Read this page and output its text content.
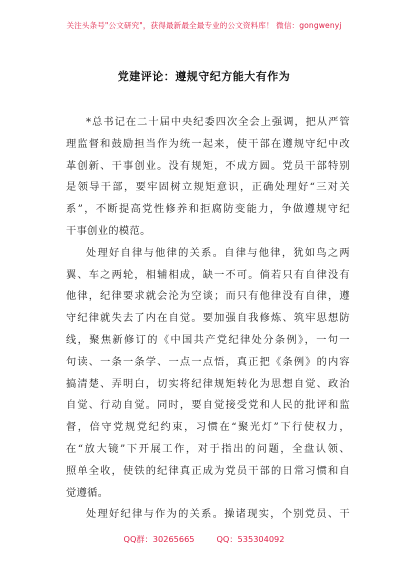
关注头条号"公文研究"，获得最新最全最专业的公文资料库！ 微信：gongwenyj
党建评论：遵规守纪方能大有作为
*总书记在二十届中央纪委四次全会上强调，把从严管
理监督和鼓励担当作为统一起来，使干部在遵规守纪中改
革创新、干事创业。没有规矩，不成方圆。党员干部特别
是领导干部，要牢固树立规矩意识，正确处理好“三对关
系”，不断提高党性修养和拒腐防变能力，争做遵规守纪
干事创业的模范。
处理好自律与他律的关系。自律与他律，犹如鸟之两
翼、车之两轮，相辅相成，缺一不可。倘若只有自律没有
他律，纪律要求就会沦为空谈；而只有他律没有自律，遵
守纪律就失去了内在自觉。要加强自我修炼、筑牢思想防
线，聚焦新修订的《中国共产党纪律处分条例》，一句一
句读、一条一条学、一点一点悟，真正把《条例》的内容
搞清楚、弄明白，切实将纪律规矩转化为思想自觉、政治
自觉、行动自觉。同时，要自觉接受党和人民的批评和监
督，倍守党规党纪约束，习惯在“聚光灯”下行使权力，
在“放大镜”下开展工作，对于指出的问题，全盘认领、
照单全收，使铁的纪律真正成为党员干部的日常习惯和自
觉遵循。
处理好纪律与作为的关系。操诸现实，个别党员、干
QQ群：30265665	QQ：535304092
